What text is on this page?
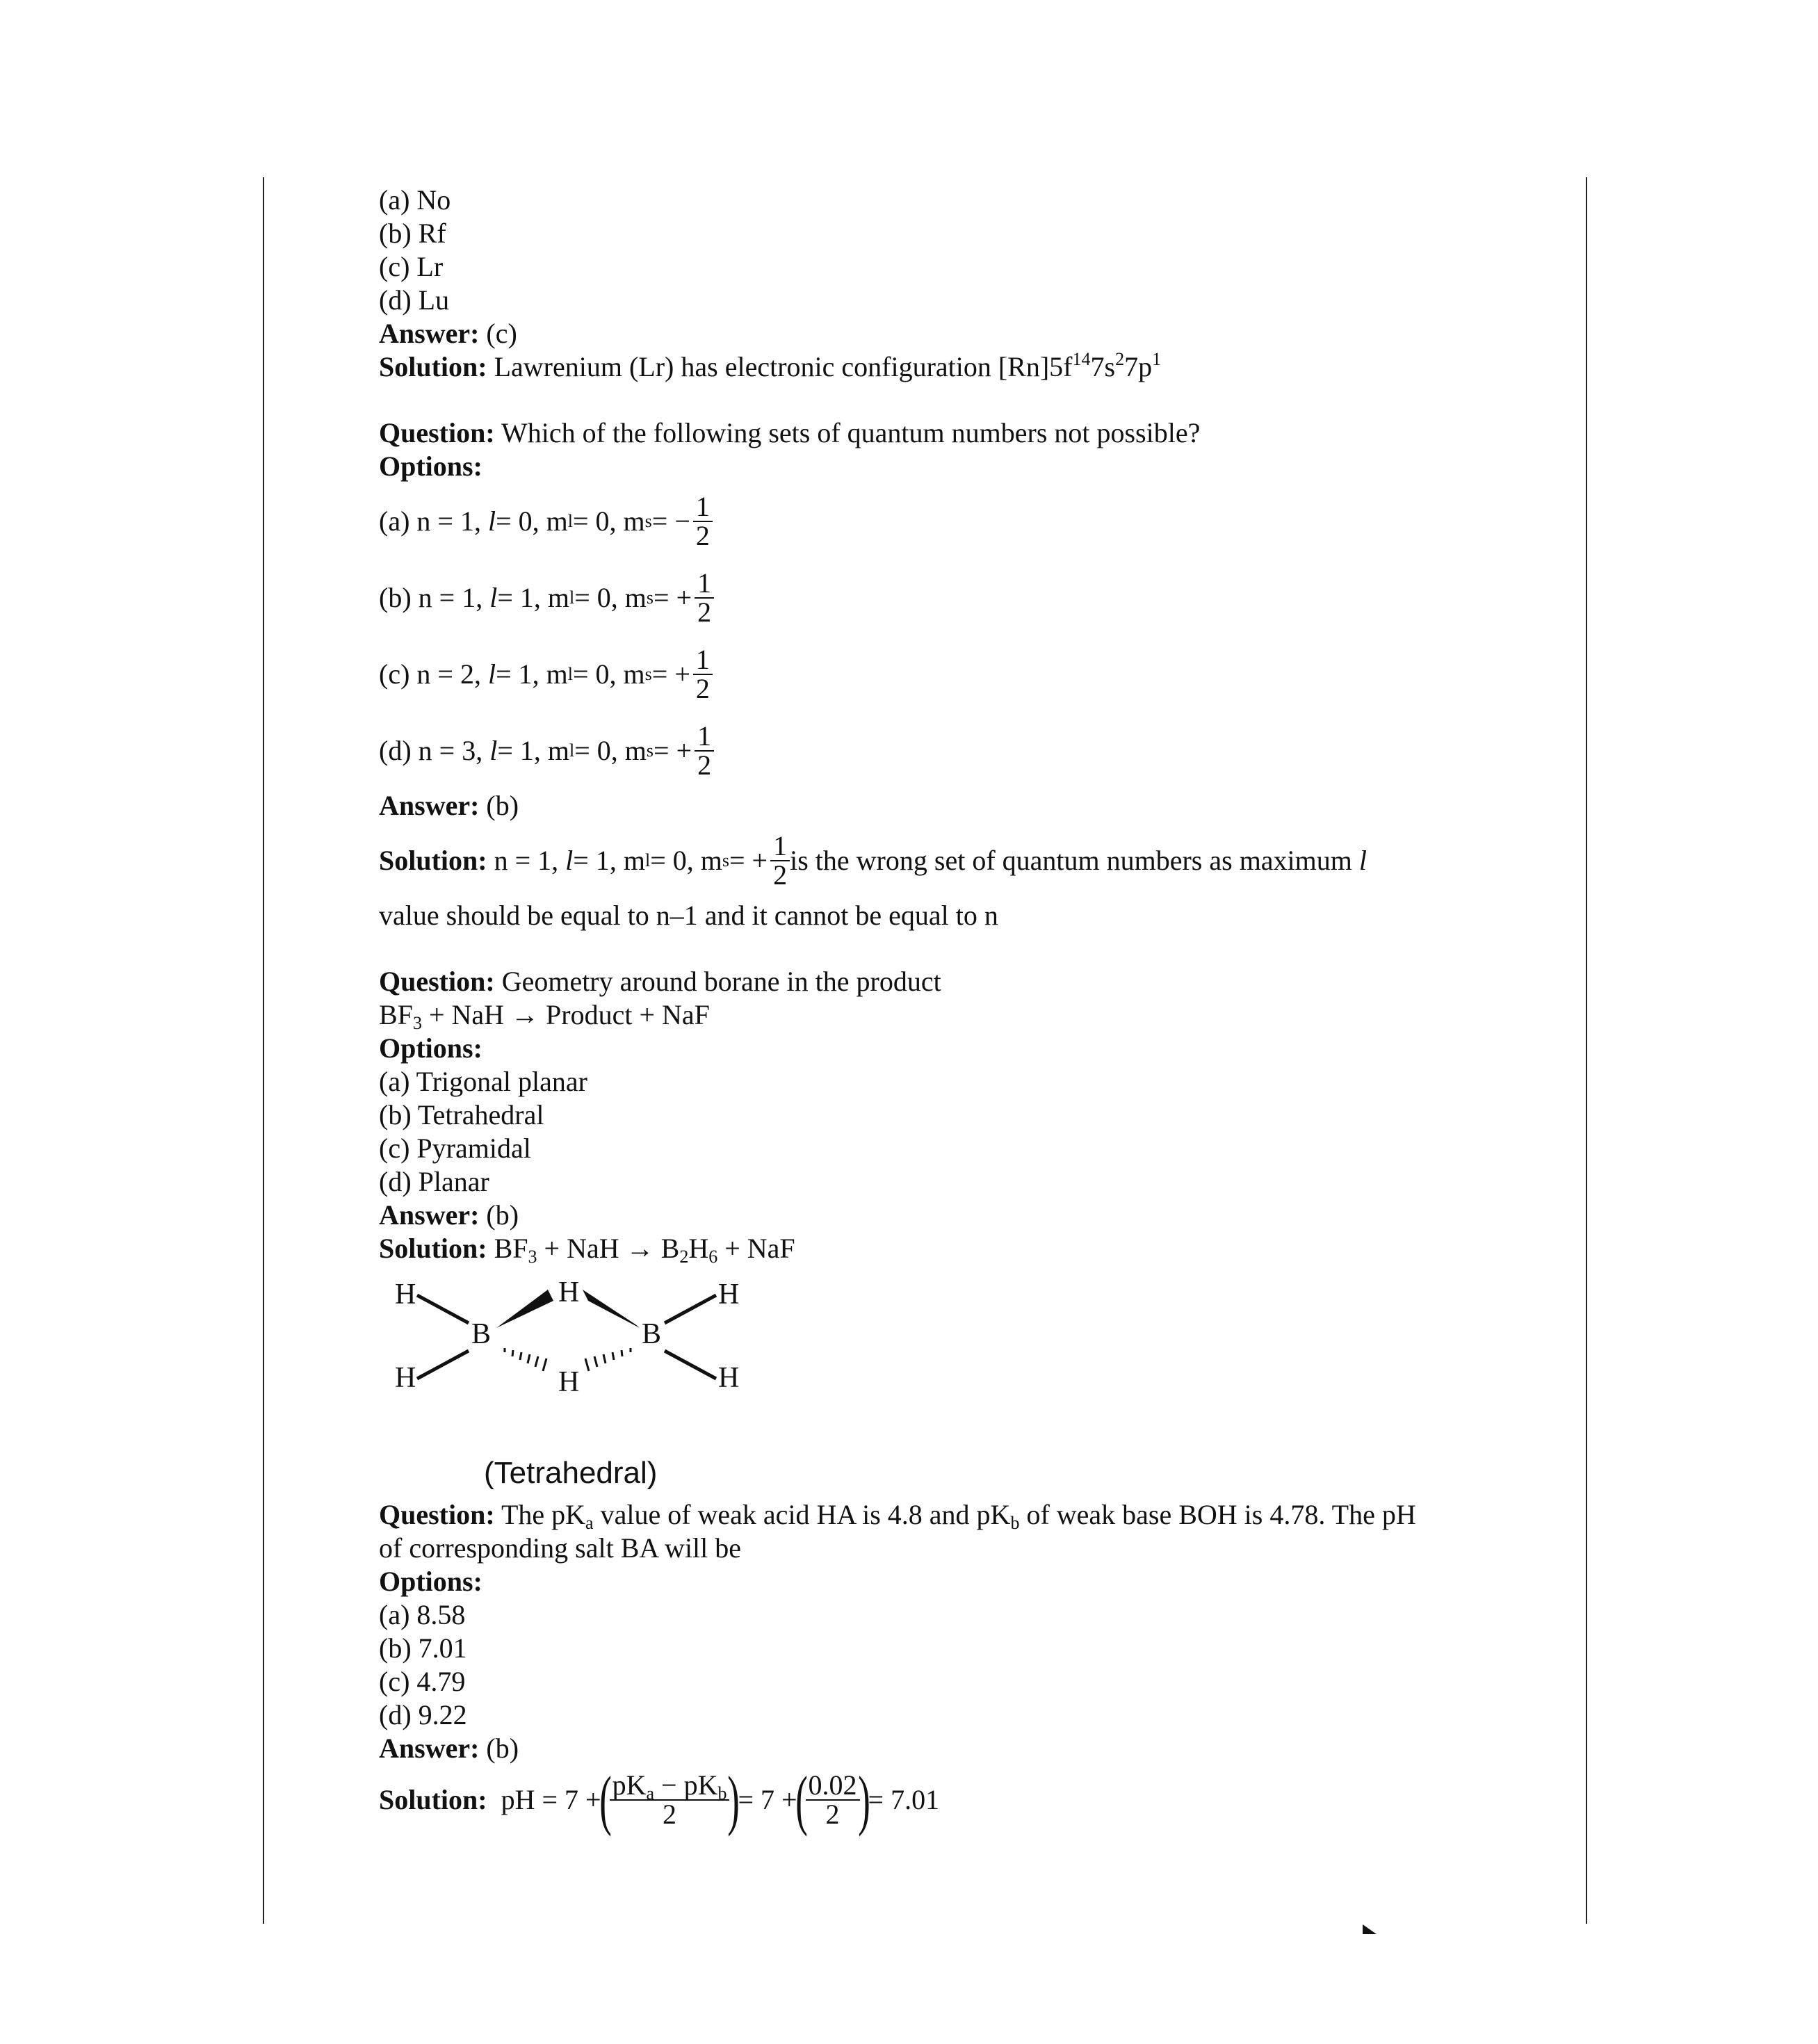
(a) No

(b) Rf

(c) Lr

(d) Lu

Answer: (c)

Solution: Lawrenium (Lr) has electronic configuration $[Rn]5f^{14}7s^27p^1$

Question: Which of the following sets of quantum numbers not possible?

Options:

(a) n = 1,
l = 0, m l = 0, m s = − $\frac{1}{2}$
(b) n = 1,
l = 1, m l = 0, m s = + $\frac{1}{2}$
(c) n = 2,
l = 1, m l = 0, m s = + $\frac{1}{2}$
(d) n = 3,
l = 1, m l = 0, m s = + $\frac{1}{2}$

Answer: (b)

Solution:
n = 1,
l = 1, m l = 0, m s = + $\frac{1}{2}$ is the wrong set of quantum numbers as maximum
l

value should be equal to n–1 and it cannot be equal to n

Question: Geometry around borane in the product

$BF_3$ + NaH → Product + NaF

Options:

(a) Trigonal planar

(b) Tetrahedral

(c) Pyramidal

(d) Planar

Answer: (b)

Solution: $BF_3$ + NaH → $B_2H_6$ + NaF

H
H
B
H
H
B
H
H
(Tetrahedral)

Question: The $pK_a$ value of weak acid HA is 4.8 and $pK_b$ of weak base BOH is 4.78. The pH

of corresponding salt BA will be

Options:

(a) 8.58

(b) 7.01

(c) 4.79

(d) 9.22

Answer: (b)

Solution:
pH = 7 +
(
$\frac{pK_a - pK_b}{2}$
)
= 7 +
(
$\frac{0.02}{2}$
)
= 7.01
